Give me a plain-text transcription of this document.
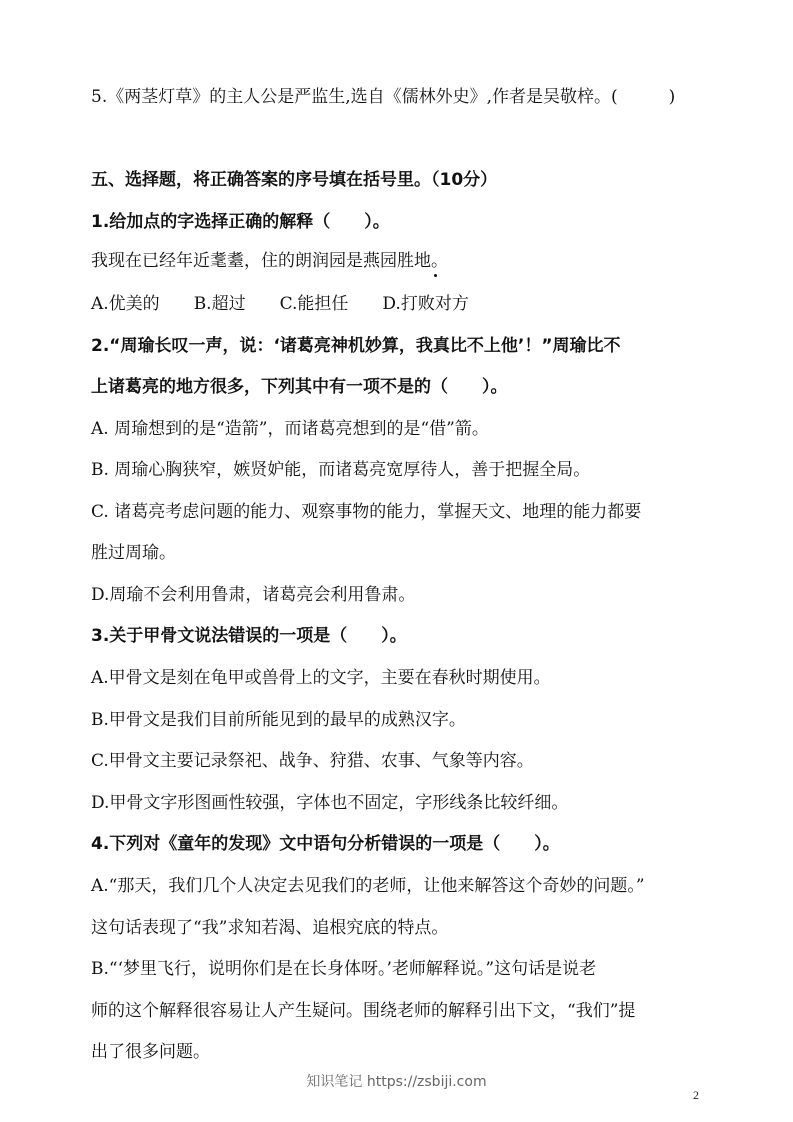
5.《两茎灯草》的主人公是严监生,选自《儒林外史》,作者是吴敬梓。(　　　)
五、选择题，将正确答案的序号填在括号里。（10分）
1.给加点的字选择正确的解释（　　）。
我现在已经年近耄耋，住的朗润园是燕园胜地。
A.优美的 B.超过 C.能担任 D.打败对方
2.“周瑜长叹一声，说：‘诸葛亮神机妙算，我真比不上他’！”周瑜比不
上诸葛亮的地方很多，下列其中有一项不是的（　　）。
A. 周瑜想到的是“造箭”，而诸葛亮想到的是“借”箭。
B. 周瑜心胸狭窄，嫉贤妒能，而诸葛亮宽厚待人，善于把握全局。
C. 诸葛亮考虑问题的能力、观察事物的能力，掌握天文、地理的能力都要
胜过周瑜。
D.周瑜不会利用鲁肃，诸葛亮会利用鲁肃。
3.关于甲骨文说法错误的一项是（　　）。
A.甲骨文是刻在龟甲或兽骨上的文字，主要在春秋时期使用。
B.甲骨文是我们目前所能见到的最早的成熟汉字。
C.甲骨文主要记录祭祀、战争、狩猎、农事、气象等内容。
D.甲骨文字形图画性较强，字体也不固定，字形线条比较纤细。
4.下列对《童年的发现》文中语句分析错误的一项是（　　）。
A.“那天，我们几个人决定去见我们的老师，让他来解答这个奇妙的问题。”
这句话表现了“我”求知若渴、追根究底的特点。
B.“‘梦里飞行，说明你们是在长身体呀。’老师解释说。”这句话是说老
师的这个解释很容易让人产生疑问。围绕老师的解释引出下文，“我们”提
出了很多问题。
知识笔记 https://zsbiji.com
2
